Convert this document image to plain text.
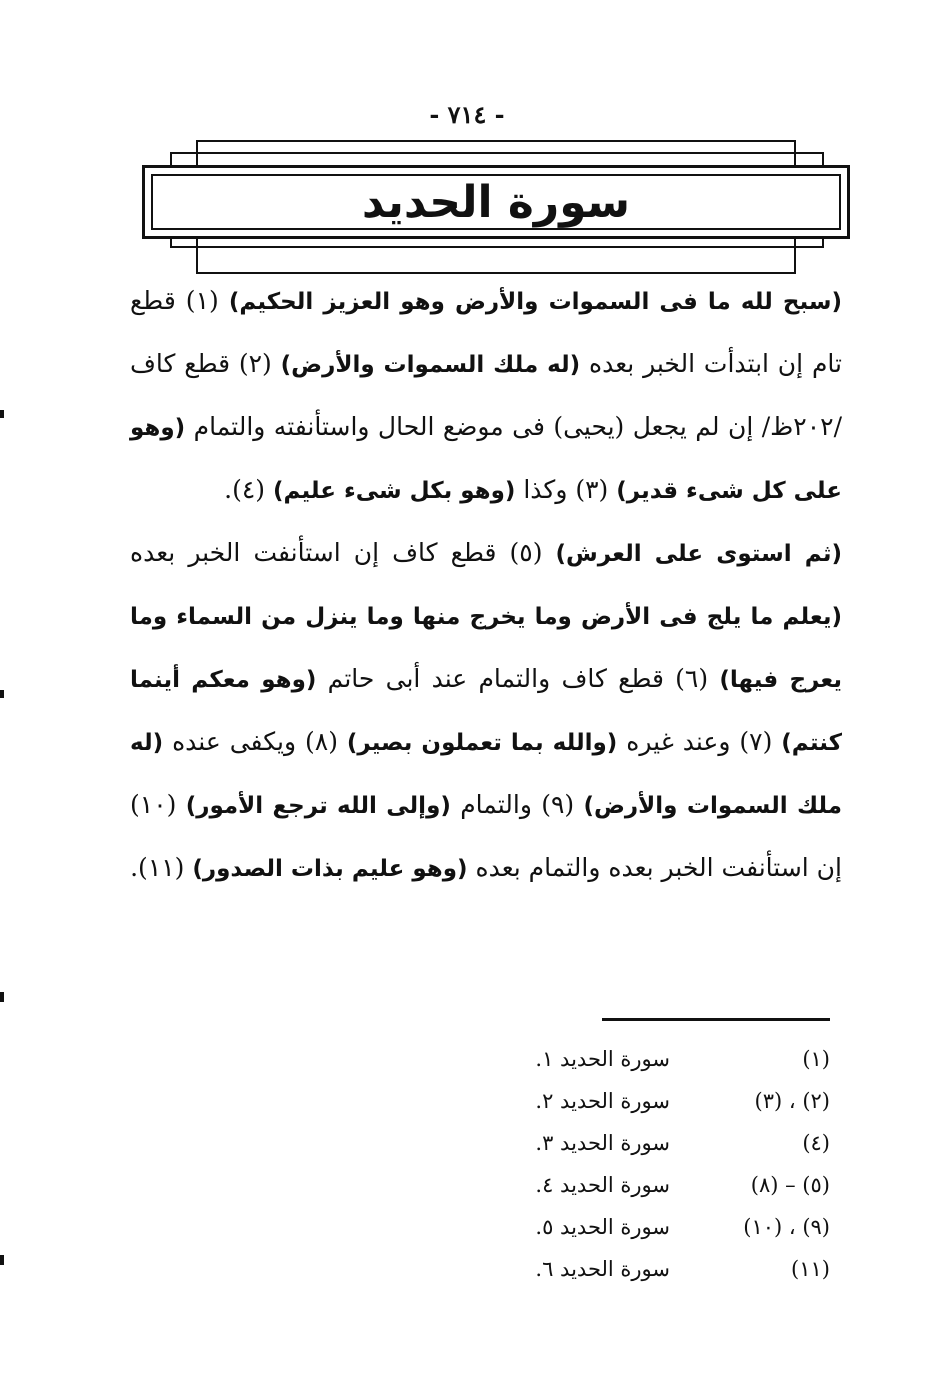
- ٧١٤ -
سورة الحديد

(سبح لله ما فى السموات والأرض وهو العزيز الحكيم) (١) قطع تام إن ابتدأت الخبر بعده (له ملك السموات والأرض) (٢) قطع كاف /٢٠٢ظ/ إن لم يجعل (يحيى) فى موضع الحال واستأنفته والتمام (وهو على كل شىء قدير) (٣) وكذا (وهو بكل شىء عليم) (٤).

(ثم استوى على العرش) (٥) قطع كاف إن استأنفت الخبر بعده (يعلم ما يلج فى الأرض وما يخرج منها وما ينزل من السماء وما يعرج فيها) (٦) قطع كاف والتمام عند أبى حاتم (وهو معكم أينما كنتم) (٧) وعند غيره (والله بما تعملون بصير) (٨) ويكفى عنده (له ملك السموات والأرض) (٩) والتمام (وإلى الله ترجع الأمور) (١٠) إن استأنفت الخبر بعده والتمام بعده (وهو عليم بذات الصدور) (١١).

(١)
سورة الحديد ١.
(٢) ، (٣)
سورة الحديد ٢.
(٤)
سورة الحديد ٣.
(٥) – (٨)
سورة الحديد ٤.
(٩) ، (١٠)
سورة الحديد ٥.
(١١)
سورة الحديد ٦.
